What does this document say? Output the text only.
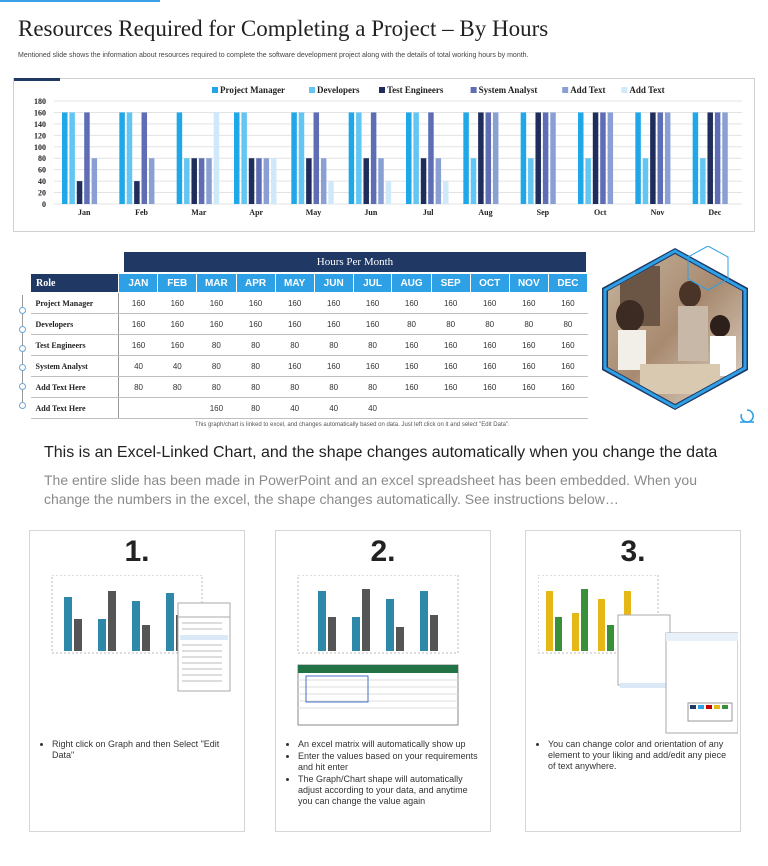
Resources Required for Completing a Project – By Hours
Mentioned slide shows the information about resources required to complete the software development project along with the details of total working hours by month.
0
20
40
60
80
100
120
140
160
180
Project Manager	Developers	Test Engineers	System Analyst	Add Text	Add Text
Jan	Feb	Mar	Apr	May	Jun	Jul	Aug	Sep	Oct	Nov	Dec
Hours Per Month
Role	JAN	FEB	MAR	APR	MAY	JUN	JUL	AUG	SEP	OCT	NOV	DEC
Project Manager	160	160	160	160	160	160	160	160	160	160	160	160
Developers	160	160	160	160	160	160	160	80	80	80	80	80
Test Engineers	160	160	80	80	80	80	80	160	160	160	160	160
System Analyst	40	40	80	80	160	160	160	160	160	160	160	160
Add Text Here	80	80	80	80	80	80	80	160	160	160	160	160
Add Text Here			160	80	40	40	40					
This graph/chart is linked to excel, and changes automatically based on data. Just left click on it and select "Edit Data".
This is an Excel-Linked Chart, and the shape changes automatically when you change the data
The entire slide has been made in PowerPoint and an excel spreadsheet has been embedded. When you change the numbers in the excel, the shape changes automatically. See instructions below…
1.
• Right click on Graph and then Select "Edit Data"
2.
• An excel matrix will automatically show up
• Enter the values based on your requirements and hit enter
• The Graph/Chart shape will automatically adjust according to your data, and anytime you can change the value again
3.
• You can change color and orientation of any element to your liking and add/edit any piece of text anywhere.
